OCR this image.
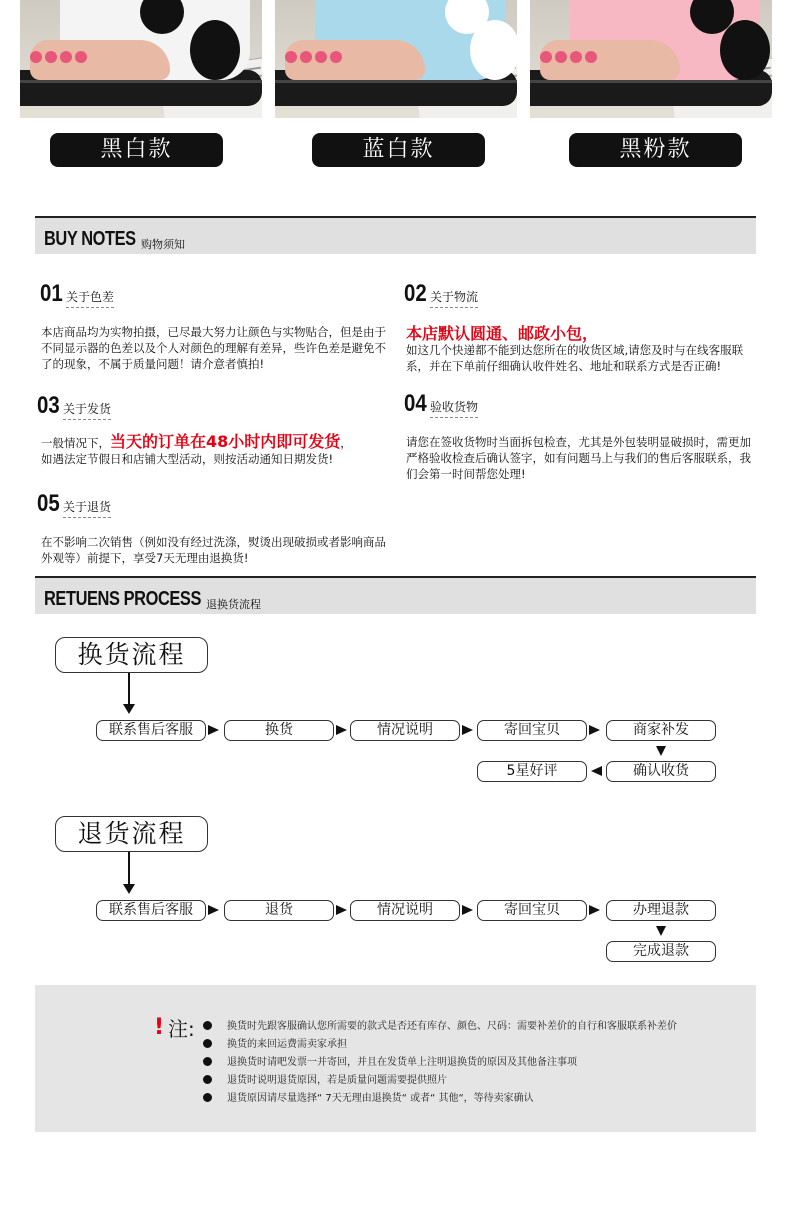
黑白款	蓝白款	黑粉款
BUY NOTES 购物须知
01 关于色差
本店商品均为实物拍摄，已尽最大努力让颜色与实物贴合，但是由于不同显示器的色差以及个人对颜色的理解有差异，些许色差是避免不了的现象，不属于质量问题！请介意者慎拍!
02 关于物流
本店默认圆通、邮政小包，
如这几个快递都不能到达您所在的收货区域,请您及时与在线客服联系，并在下单前仔细确认收件姓名、地址和联系方式是否正确!
03 关于发货
一般情况下，当天的订单在48小时内即可发货，
如遇法定节假日和店铺大型活动，则按活动通知日期发货!
04 验收货物
请您在签收货物时当面拆包检查，尤其是外包装明显破损时，需更加严格验收检查后确认签字，如有问题马上与我们的售后客服联系，我们会第一时间帮您处理!
05 关于退货
在不影响二次销售（例如没有经过洗涤，熨烫出现破损或者影响商品外观等）前提下，享受7天无理由退换货!
RETUENS PROCESS 退换货流程
换货流程
联系售后客服	换货	情况说明	寄回宝贝	商家补发
确认收货
5星好评
退货流程
联系售后客服	退货	情况说明	寄回宝贝	办理退款
完成退款
! 注:	换货时先跟客服确认您所需要的款式是否还有库存、颜色、尺码：需要补差价的自行和客服联系补差价
换货的来回运费需卖家承担
退换货时请吧发票一并寄回，并且在发货单上注明退换货的原因及其他备注事项
退货时说明退货原因，若是质量问题需要提供照片
退货原因请尽量选择“ 7天无理由退换货“ 或者“ 其他“，等待卖家确认
